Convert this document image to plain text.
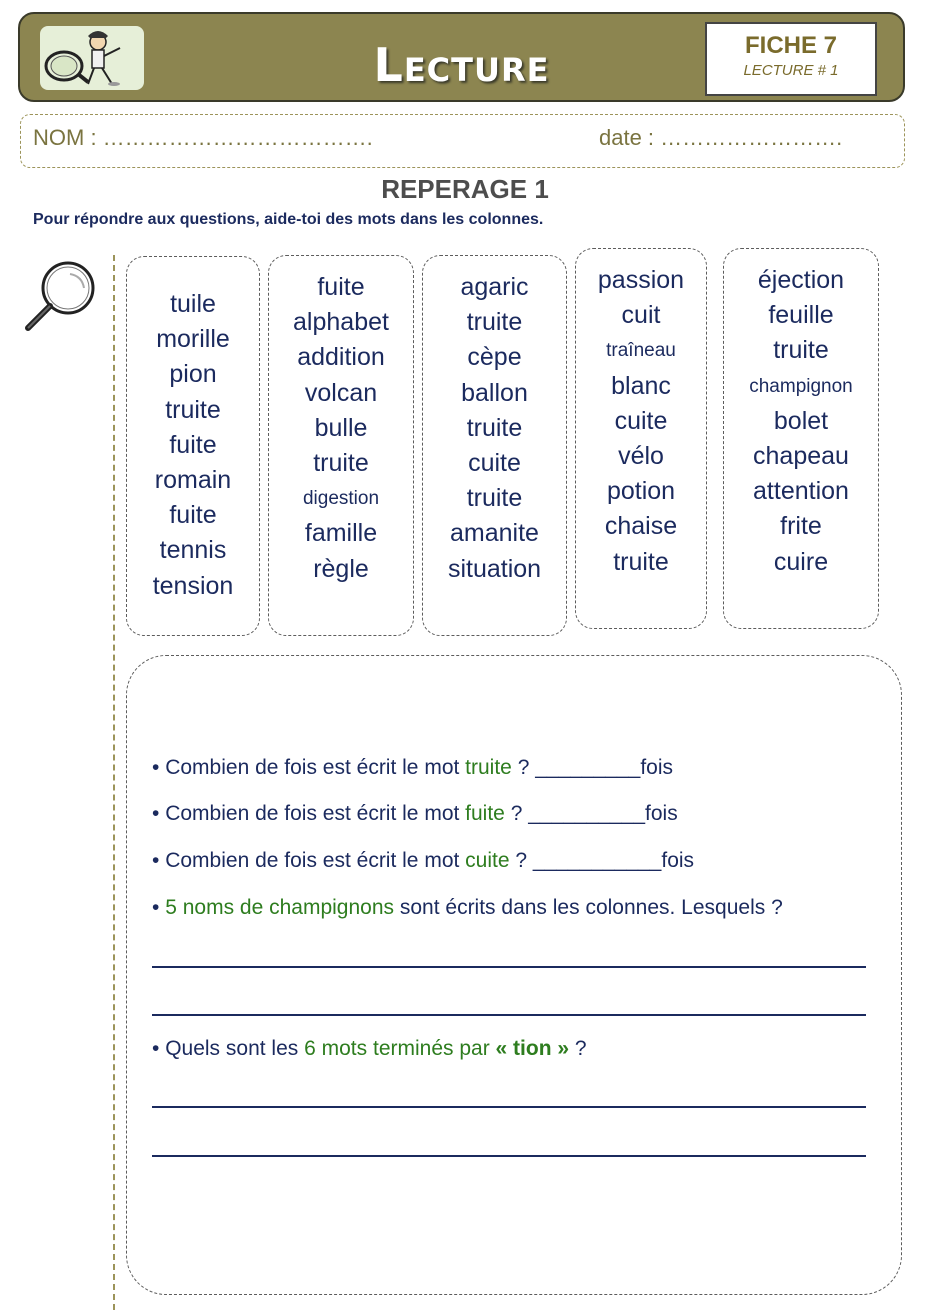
Lecture	FICHE 7
LECTURE # 1
NOM : ……………………………….	date : …………………….
REPERAGE 1
Pour répondre aux questions, aide-toi des mots dans les colonnes.
tuile
morille
pion
truite
fuite
romain
fuite
tennis
tension
fuite
alphabet
addition
volcan
bulle
truite
digestion
famille
règle
agaric
truite
cèpe
ballon
truite
cuite
truite
amanite
situation
passion
cuit
traîneau
blanc
cuite
vélo
potion
chaise
truite
éjection
feuille
truite
champignon
bolet
chapeau
attention
frite
cuire
• Combien de fois est écrit le mot truite ? _________fois
• Combien de fois est écrit le mot fuite ? __________fois
• Combien de fois est écrit le mot cuite ? ___________fois
• 5 noms de champignons sont écrits dans les colonnes. Lesquels ?
• Quels sont les 6 mots terminés par « tion » ?
